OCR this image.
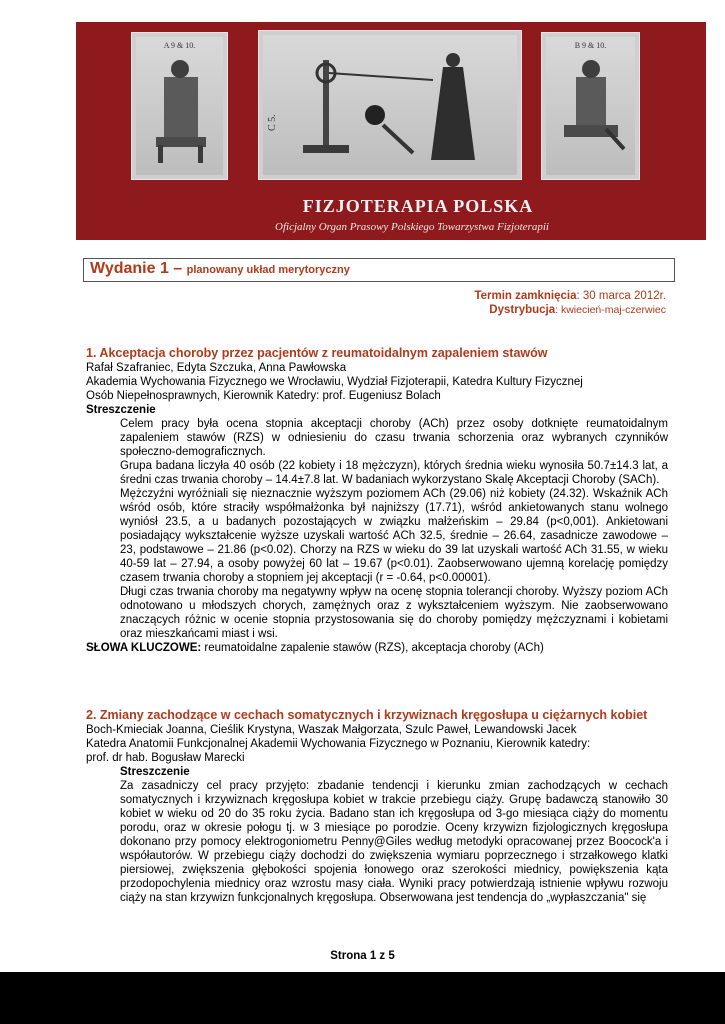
A 9 & 10.
C 5.
B 9 & 10.
FIZJOTERAPIA POLSKA
Oficjalny Organ Prasowy Polskiego Towarzystwa Fizjoterapii
Wydanie 1 – planowany układ merytoryczny
Termin zamknięcia: 30 marca 2012r.
Dystrybucja: kwiecień-maj-czerwiec
1. Akceptacja choroby przez pacjentów z reumatoidalnym zapaleniem stawów
Rafał Szafraniec, Edyta Szczuka, Anna Pawłowska
Akademia Wychowania Fizycznego we Wrocławiu, Wydział Fizjoterapii, Katedra Kultury Fizycznej
Osób Niepełnosprawnych, Kierownik Katedry: prof. Eugeniusz Bolach
Streszczenie

Celem pracy była ocena stopnia akceptacji choroby (ACh) przez osoby dotknięte reumatoidalnym zapaleniem stawów (RZS) w odniesieniu do czasu trwania schorzenia oraz wybranych czynników społeczno-demograficznych.

Grupa badana liczyła 40 osób (22 kobiety i 18 mężczyzn), których średnia wieku wynosiła 50.7±14.3 lat, a średni czas trwania choroby – 14.4±7.8 lat. W badaniach wykorzystano Skalę Akceptacji Choroby (SACh).

Mężczyźni wyróżniali się nieznacznie wyższym poziomem ACh (29.06) niż kobiety (24.32). Wskaźnik ACh wśród osób, które straciły współmałżonka był najniższy (17.71), wśród ankietowanych stanu wolnego wyniósł 23.5, a u badanych pozostających w związku małżeńskim – 29.84 (p<0,001). Ankietowani posiadający wykształcenie wyższe uzyskali wartość ACh 32.5, średnie – 26.64, zasadnicze zawodowe – 23, podstawowe – 21.86 (p<0.02). Chorzy na RZS w wieku do 39 lat uzyskali wartość ACh 31.55, w wieku 40-59 lat – 27.94, a osoby powyżej 60 lat – 19.67 (p<0.01). Zaobserwowano ujemną korelację pomiędzy czasem trwania choroby a stopniem jej akceptacji (r = -0.64, p<0.00001).

Długi czas trwania choroby ma negatywny wpływ na ocenę stopnia tolerancji choroby. Wyższy poziom ACh odnotowano u młodszych chorych, zamężnych oraz z wykształceniem wyższym. Nie zaobserwowano znaczących różnic w ocenie stopnia przystosowania się do choroby pomiędzy mężczyznami i kobietami oraz mieszkańcami miast i wsi.

SŁOWA KLUCZOWE: reumatoidalne zapalenie stawów (RZS), akceptacja choroby (ACh)
2. Zmiany zachodzące w cechach somatycznych i krzywiznach kręgosłupa u ciężarnych kobiet
Boch-Kmieciak Joanna, Cieślik Krystyna, Waszak Małgorzata, Szulc Paweł, Lewandowski Jacek
Katedra Anatomii Funkcjonalnej Akademii Wychowania Fizycznego w Poznaniu, Kierownik katedry:
prof. dr hab. Bogusław Marecki
Streszczenie

Za zasadniczy cel pracy przyjęto: zbadanie tendencji i kierunku zmian zachodzących w cechach somatycznych i krzywiznach kręgosłupa kobiet w trakcie przebiegu ciąży. Grupę badawczą stanowiło 30 kobiet w wieku od 20 do 35 roku życia. Badano stan ich kręgosłupa od 3-go miesiąca ciąży do momentu porodu, oraz w okresie połogu tj. w 3 miesiące po porodzie. Oceny krzywizn fizjologicznych kręgosłupa dokonano przy pomocy elektrogoniometru Penny@Giles według metodyki opracowanej przez Boocock'a i współautorów. W przebiegu ciąży dochodzi do zwiększenia wymiaru poprzecznego i strzałkowego klatki piersiowej, zwiększenia głębokości spojenia łonowego oraz szerokości miednicy, powiększenia kąta przodopochylenia miednicy oraz wzrostu masy ciała. Wyniki pracy potwierdzają istnienie wpływu rozwoju ciąży na stan krzywizn funkcjonalnych kręgosłupa. Obserwowana jest tendencja do „wypłaszczania" się

Strona 1 z 5
